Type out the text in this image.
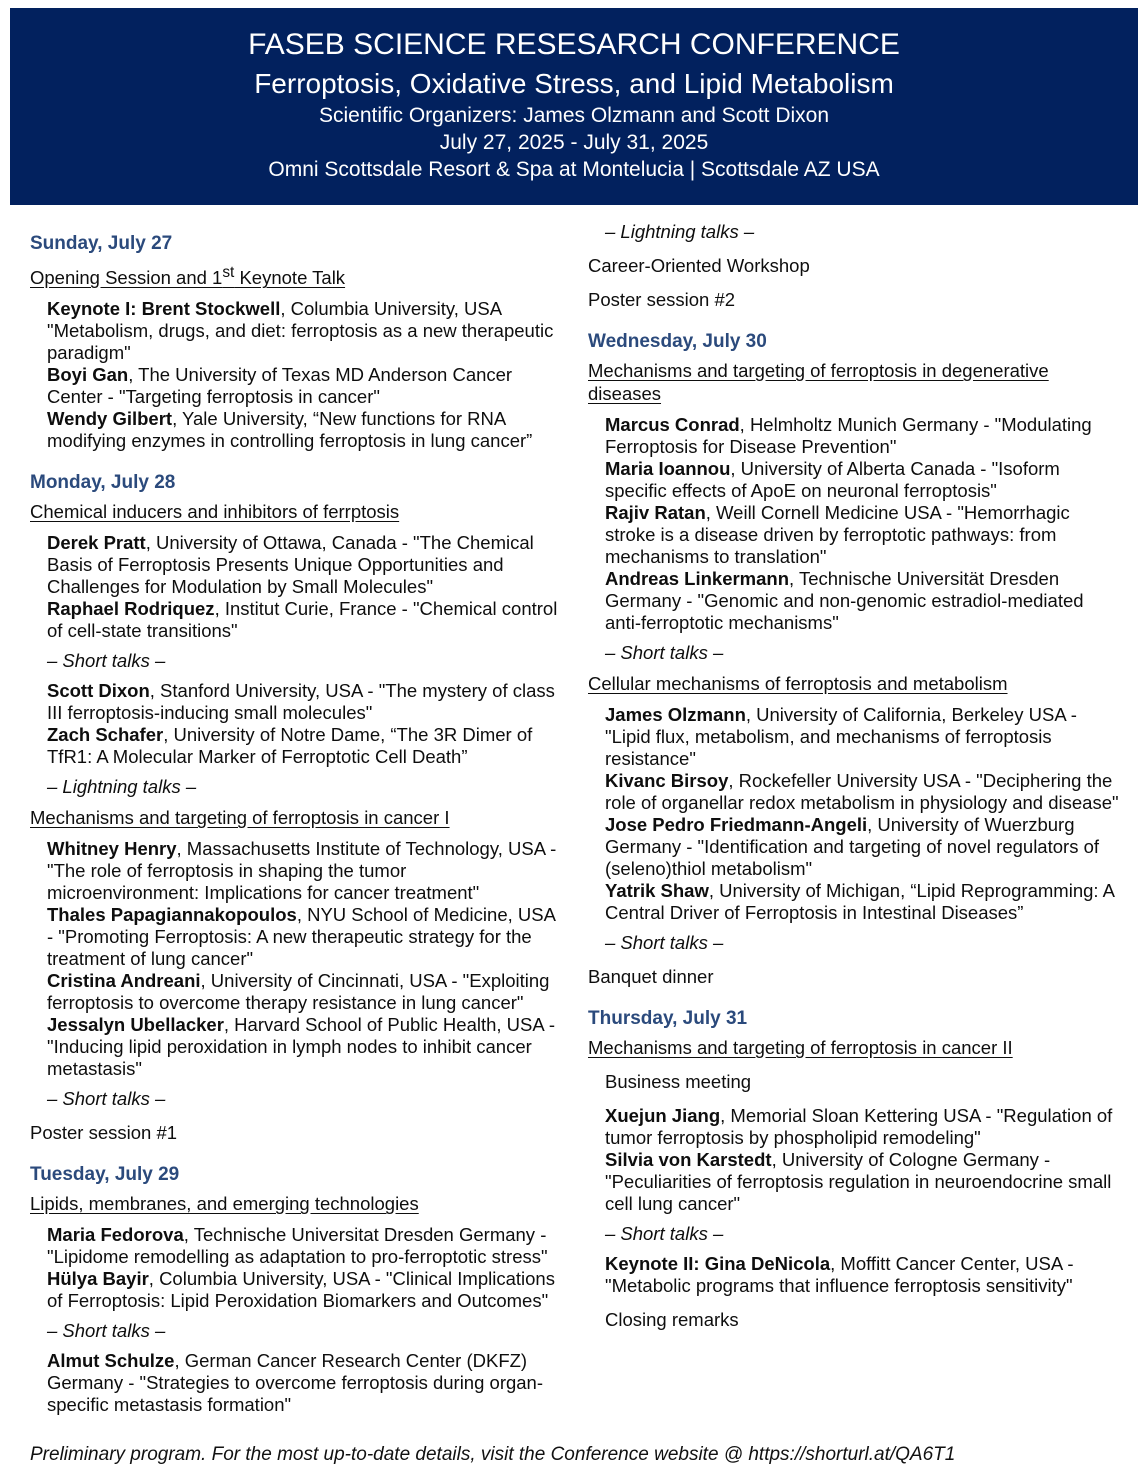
FASEB SCIENCE RESESARCH CONFERENCE
Ferroptosis, Oxidative Stress, and Lipid Metabolism
Scientific Organizers: James Olzmann and Scott Dixon
July 27, 2025 - July 31, 2025
Omni Scottsdale Resort & Spa at Montelucia | Scottsdale AZ USA
Sunday, July 27
Opening Session and 1st Keynote Talk
Keynote I: Brent Stockwell, Columbia University, USA "Metabolism, drugs, and diet: ferroptosis as a new therapeutic paradigm"
Boyi Gan, The University of Texas MD Anderson Cancer Center - "Targeting ferroptosis in cancer"
Wendy Gilbert, Yale University, “New functions for RNA modifying enzymes in controlling ferroptosis in lung cancer”
Monday, July 28
Chemical inducers and inhibitors of ferrptosis
Derek Pratt, University of Ottawa, Canada - "The Chemical Basis of Ferroptosis Presents Unique Opportunities and Challenges for Modulation by Small Molecules"
Raphael Rodriquez, Institut Curie, France - "Chemical control of cell-state transitions"
– Short talks –
Scott Dixon, Stanford University, USA - "The mystery of class III ferroptosis-inducing small molecules"
Zach Schafer, University of Notre Dame, “The 3R Dimer of TfR1: A Molecular Marker of Ferroptotic Cell Death”
– Lightning talks –
Mechanisms and targeting of ferroptosis in cancer I
Whitney Henry, Massachusetts Institute of Technology, USA - "The role of ferroptosis in shaping the tumor microenvironment: Implications for cancer treatment"
Thales Papagiannakopoulos, NYU School of Medicine, USA - "Promoting Ferroptosis: A new therapeutic strategy for the treatment of lung cancer"
Cristina Andreani, University of Cincinnati, USA - "Exploiting ferroptosis to overcome therapy resistance in lung cancer"
Jessalyn Ubellacker, Harvard School of Public Health, USA - "Inducing lipid peroxidation in lymph nodes to inhibit cancer metastasis"
– Short talks –
Poster session #1
Tuesday, July 29
Lipids, membranes, and emerging technologies
Maria Fedorova, Technische Universitat Dresden Germany - "Lipidome remodelling as adaptation to pro-ferroptotic stress"
Hülya Bayir, Columbia University, USA - "Clinical Implications of Ferroptosis: Lipid Peroxidation Biomarkers and Outcomes"
– Short talks –
Almut Schulze, German Cancer Research Center (DKFZ) Germany - "Strategies to overcome ferroptosis during organ-specific metastasis formation"
– Lightning talks –
Career-Oriented Workshop
Poster session #2
Wednesday, July 30
Mechanisms and targeting of ferroptosis in degenerative diseases
Marcus Conrad, Helmholtz Munich Germany - "Modulating Ferroptosis for Disease Prevention"
Maria Ioannou, University of Alberta Canada - "Isoform specific effects of ApoE on neuronal ferroptosis"
Rajiv Ratan, Weill Cornell Medicine USA - "Hemorrhagic stroke is a disease driven by ferroptotic pathways: from mechanisms to translation"
Andreas Linkermann, Technische Universität Dresden Germany - "Genomic and non-genomic estradiol-mediated anti-ferroptotic mechanisms"
– Short talks –
Cellular mechanisms of ferroptosis and metabolism
James Olzmann, University of California, Berkeley USA - "Lipid flux, metabolism, and mechanisms of ferroptosis resistance"
Kivanc Birsoy, Rockefeller University USA - "Deciphering the role of organellar redox metabolism in physiology and disease"
Jose Pedro Friedmann-Angeli, University of Wuerzburg Germany - "Identification and targeting of novel regulators of (seleno)thiol metabolism"
Yatrik Shaw, University of Michigan, “Lipid Reprogramming: A Central Driver of Ferroptosis in Intestinal Diseases”
– Short talks –
Banquet dinner
Thursday, July 31
Mechanisms and targeting of ferroptosis in cancer II
Business meeting
Xuejun Jiang, Memorial Sloan Kettering USA - "Regulation of tumor ferroptosis by phospholipid remodeling"
Silvia von Karstedt, University of Cologne Germany - "Peculiarities of ferroptosis regulation in neuroendocrine small cell lung cancer"
– Short talks –
Keynote II: Gina DeNicola, Moffitt Cancer Center, USA - "Metabolic programs that influence ferroptosis sensitivity"
Closing remarks
Preliminary program. For the most up-to-date details, visit the Conference website @ https://shorturl.at/QA6T1
